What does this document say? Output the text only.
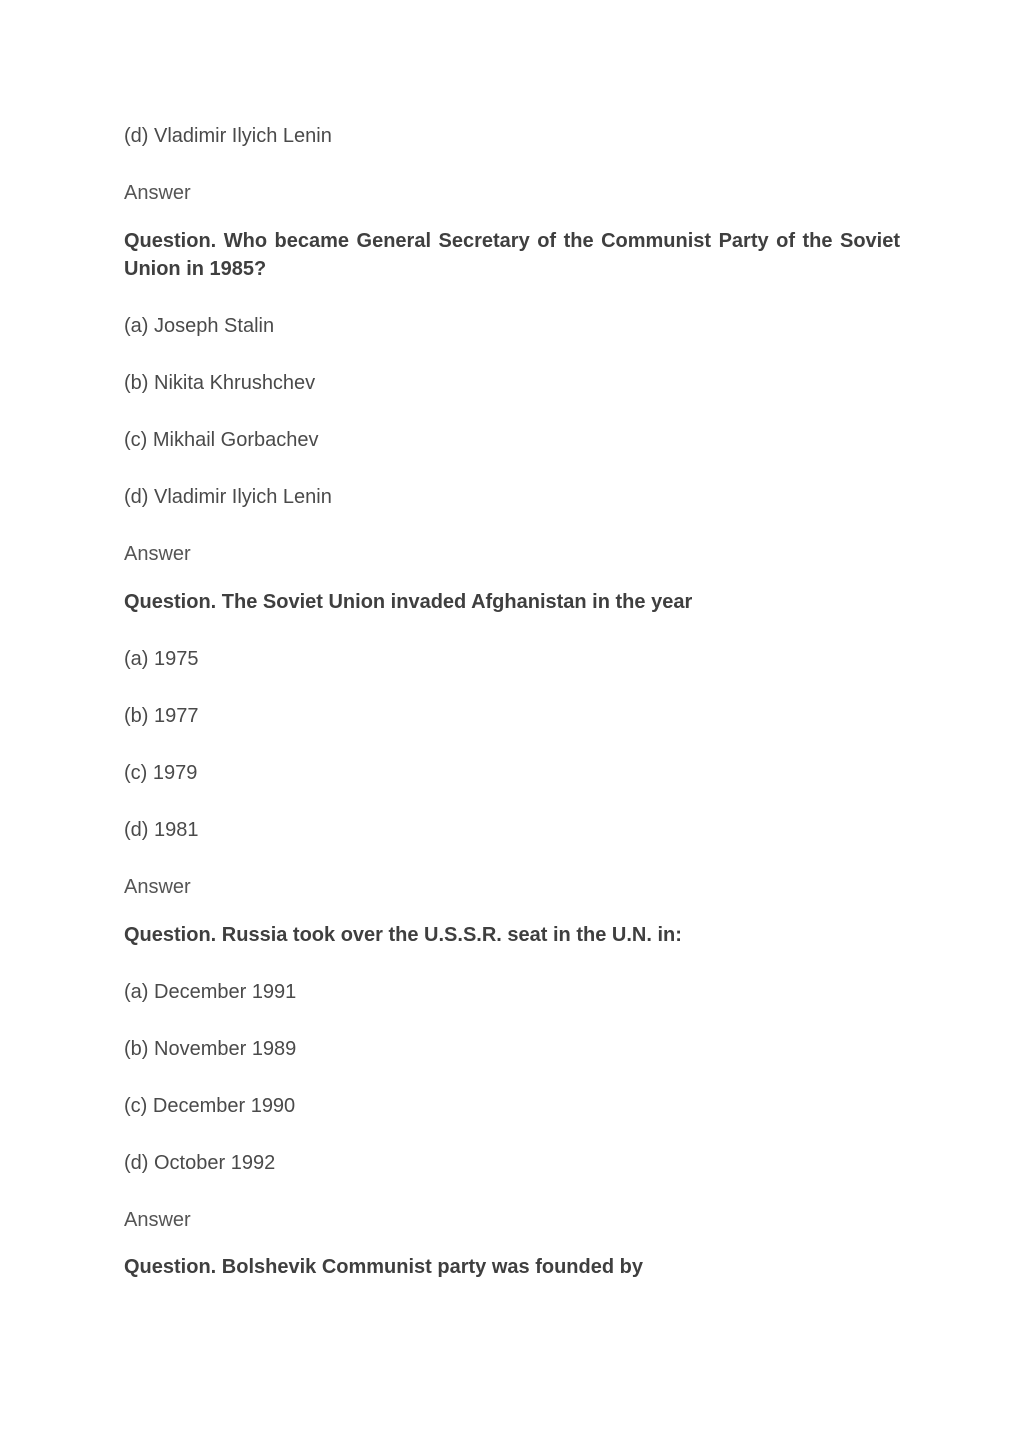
(d) Vladimir Ilyich Lenin
Answer
Question. Who became General Secretary of the Communist Party of the Soviet Union in 1985?
(a) Joseph Stalin
(b) Nikita Khrushchev
(c) Mikhail Gorbachev
(d) Vladimir Ilyich Lenin
Answer
Question. The Soviet Union invaded Afghanistan in the year
(a) 1975
(b) 1977
(c) 1979
(d) 1981
Answer
Question. Russia took over the U.S.S.R. seat in the U.N. in:
(a) December 1991
(b) November 1989
(c) December 1990
(d) October 1992
Answer
Question. Bolshevik Communist party was founded by
